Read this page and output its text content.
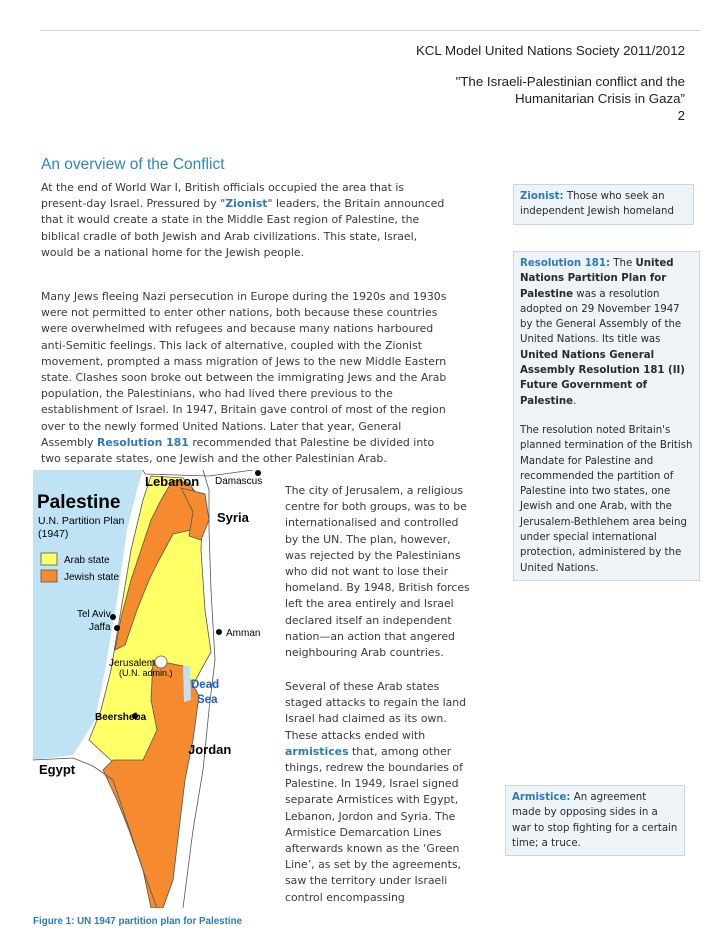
KCL Model United Nations Society 2011/2012
"The Israeli-Palestinian conflict and the
Humanitarian Crisis in Gaza”
2
An overview of the Conflict

At the end of World War I, British officials occupied the area that is
present-day Israel. Pressured by "Zionist" leaders, the Britain announced
that it would create a state in the Middle East region of Palestine, the
biblical cradle of both Jewish and Arab civilizations. This state, Israel,
would be a national home for the Jewish people.

Many Jews fleeing Nazi persecution in Europe during the 1920s and 1930s
were not permitted to enter other nations, both because these countries
were overwhelmed with refugees and because many nations harboured
anti-Semitic feelings. This lack of alternative, coupled with the Zionist
movement, prompted a mass migration of Jews to the new Middle Eastern
state. Clashes soon broke out between the immigrating Jews and the Arab
population, the Palestinians, who had lived there previous to the
establishment of Israel. In 1947, Britain gave control of most of the region
over to the newly formed United Nations. Later that year, General
Assembly Resolution 181 recommended that Palestine be divided into
two separate states, one Jewish and the other Palestinian Arab.

Zionist: Those who seek an independent Jewish homeland

Resolution 181: The United Nations Partition Plan for Palestine was a resolution adopted on 29 November 1947 by the General Assembly of the United Nations. Its title was United Nations General Assembly Resolution 181 (II) Future Government of Palestine.

The resolution noted Britain's planned termination of the British Mandate for Palestine and recommended the partition of Palestine into two states, one Jewish and one Arab, with the Jerusalem-Bethlehem area being under special international protection, administered by the United Nations.

Armistice: An agreement made by opposing sides in a war to stop fighting for a certain time; a truce.

Palestine
U.N. Partition Plan
(1947)
Arab state
Jewish state
Lebanon Damascus
Syria
Tel Aviv
Jaffa
Amman
Jerusalem
(U.N. admin.)
Dead
Sea
Beersheba
Jordan
Egypt

Figure 1: UN 1947 partition plan for Palestine

The city of Jerusalem, a religious
centre for both groups, was to be
internationalised and controlled
by the UN. The plan, however,
was rejected by the Palestinians
who did not want to lose their
homeland. By 1948, British forces
left the area entirely and Israel
declared itself an independent
nation—an action that angered
neighbouring Arab countries.

Several of these Arab states
staged attacks to regain the land
Israel had claimed as its own.
These attacks ended with
armistices that, among other
things, redrew the boundaries of
Palestine. In 1949, Israel signed
separate Armistices with Egypt,
Lebanon, Jordon and Syria. The
Armistice Demarcation Lines
afterwards known as the ‘Green
Line’, as set by the agreements,
saw the territory under Israeli
control encompassing
